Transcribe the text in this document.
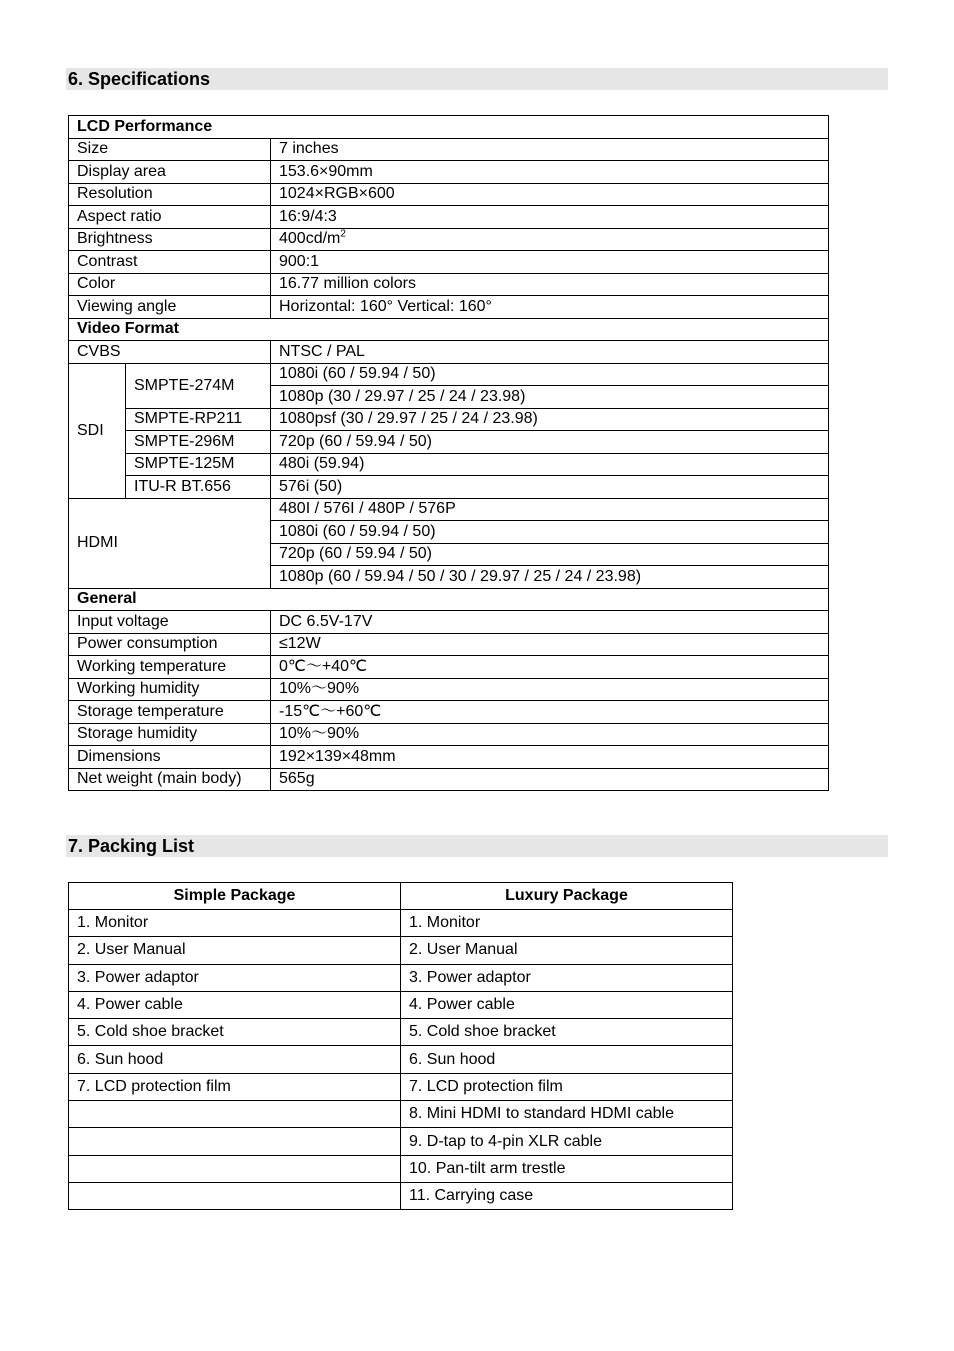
6. Specifications
LCD Performance		
Size		7 inches
Display area		153.6×90mm
Resolution		1024×RGB×600
Aspect ratio		16:9/4:3
Brightness		$400cd/m^2$
Contrast		900:1
Color		16.77 million colors
Viewing angle		Horizontal: 160° Vertical: 160°
Video Format		
CVBS		NTSC / PAL
SDI	SMPTE-274M	1080i (60 / 59.94 / 50)
		1080p (30 / 29.97 / 25 / 24 / 23.98)
	SMPTE-RP211	1080psf (30 / 29.97 / 25 / 24 / 23.98)
	SMPTE-296M	720p (60 / 59.94 / 50)
	SMPTE-125M	480i (59.94)
	ITU-R BT.656	576i (50)
HDMI		480I / 576I / 480P / 576P
		1080i (60 / 59.94 / 50)
		720p (60 / 59.94 / 50)
		1080p (60 / 59.94 / 50 / 30 / 29.97 / 25 / 24 / 23.98)
General		
Input voltage		DC 6.5V-17V
Power consumption		≤12W
Working temperature		0℃～+40℃
Working humidity		10%～90%
Storage temperature		-15℃～+60℃
Storage humidity		10%～90%
Dimensions		192×139×48mm
Net weight (main body)		565g
7. Packing List
Simple Package	Luxury Package
1. Monitor	1. Monitor
2. User Manual	2. User Manual
3. Power adaptor	3. Power adaptor
4. Power cable	4. Power cable
5. Cold shoe bracket	5. Cold shoe bracket
6. Sun hood	6. Sun hood
7. LCD protection film	7. LCD protection film
	8. Mini HDMI to standard HDMI cable
	9. D-tap to 4-pin XLR cable
	10. Pan-tilt arm trestle
	11. Carrying case
